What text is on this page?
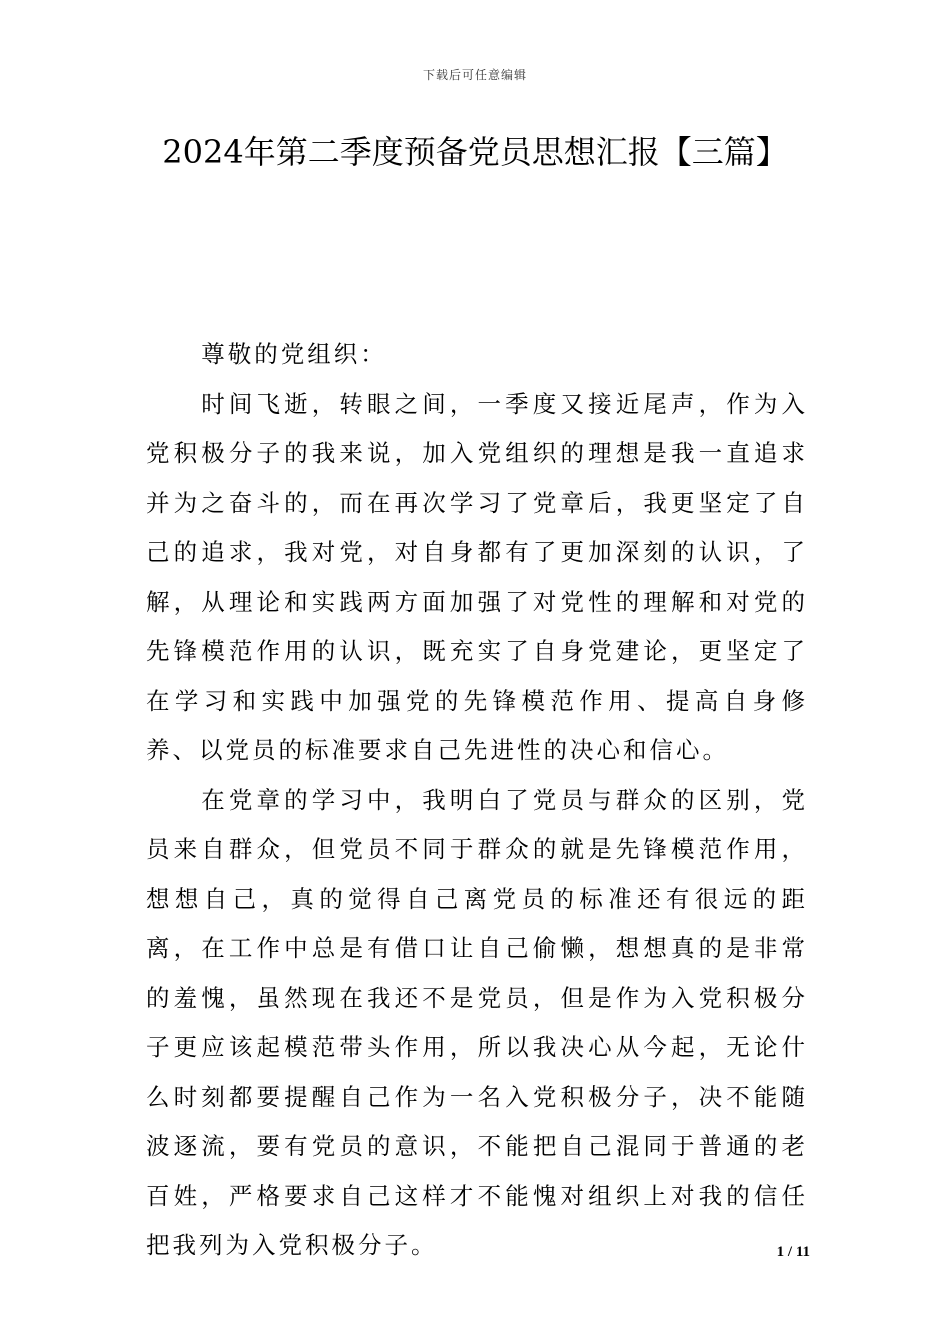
下载后可任意编辑
2024年第二季度预备党员思想汇报【三篇】

尊敬的党组织：

时间飞逝，转眼之间，一季度又接近尾声，作为入党积极分子的我来说，加入党组织的理想是我一直追求并为之奋斗的，而在再次学习了党章后，我更坚定了自己的追求，我对党，对自身都有了更加深刻的认识，了解，从理论和实践两方面加强了对党性的理解和对党的先锋模范作用的认识，既充实了自身党建论，更坚定了在学习和实践中加强党的先锋模范作用、提高自身修养、以党员的标准要求自己先进性的决心和信心。

在党章的学习中，我明白了党员与群众的区别，党员来自群众，但党员不同于群众的就是先锋模范作用，想想自己，真的觉得自己离党员的标准还有很远的距离，在工作中总是有借口让自己偷懒，想想真的是非常的羞愧，虽然现在我还不是党员，但是作为入党积极分子更应该起模范带头作用，所以我决心从今起，无论什么时刻都要提醒自己作为一名入党积极分子，决不能随波逐流，要有党员的意识，不能把自己混同于普通的老百姓，严格要求自己这样才不能愧对组织上对我的信任把我列为入党积极分子。	1 / 11
